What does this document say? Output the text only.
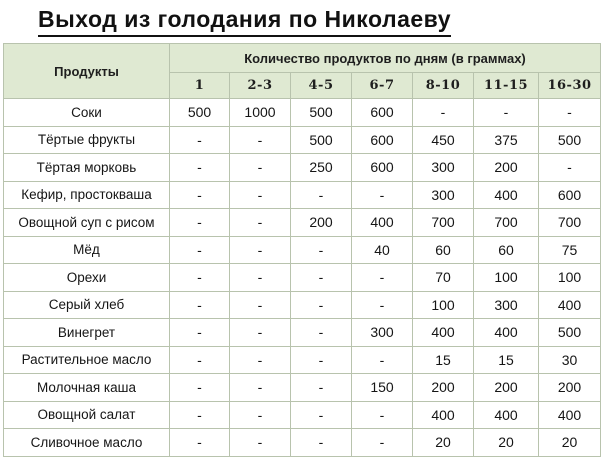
Выход из голодания по Николаеву
Продукты	Количество продуктов по дням (в граммах)						
	1	2-3	4-5	6-7	8-10	11-15	16-30
Соки	500	1000	500	600	-	-	-
Тёртые фрукты	-	-	500	600	450	375	500
Тёртая морковь	-	-	250	600	300	200	-
Кефир, простокваша	-	-	-	-	300	400	600
Овощной суп с рисом	-	-	200	400	700	700	700
Мёд	-	-	-	40	60	60	75
Орехи	-	-	-	-	70	100	100
Серый хлеб	-	-	-	-	100	300	400
Винегрет	-	-	-	300	400	400	500
Растительное масло	-	-	-	-	15	15	30
Молочная каша	-	-	-	150	200	200	200
Овощной салат	-	-	-	-	400	400	400
Сливочное масло	-	-	-	-	20	20	20
